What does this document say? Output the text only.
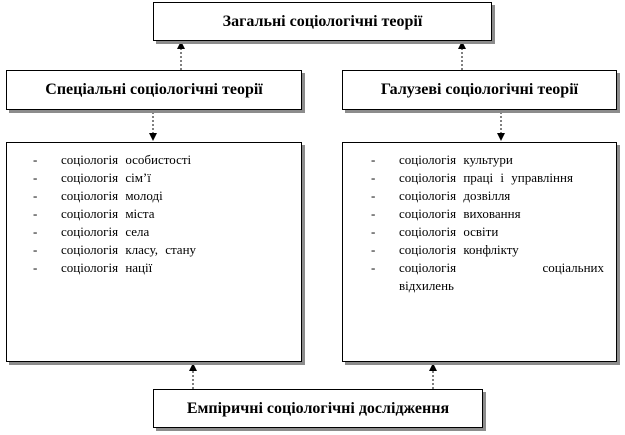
Загальні соціологічні теорії
Спеціальні соціологічні теорії	Галузеві соціологічні теорії
- соціологія особистості
- соціологія сім’ї
- соціологія молоді
- соціологія міста
- соціологія села
- соціологія класу, стану
- соціологія нації
- соціологія культури
- соціологія праці і управління
- соціологія дозвілля
- соціологія виховання
- соціологія освіти
- соціологія конфлікту
- соціологія соціальних
відхилень
Емпіричні соціологічні дослідження
